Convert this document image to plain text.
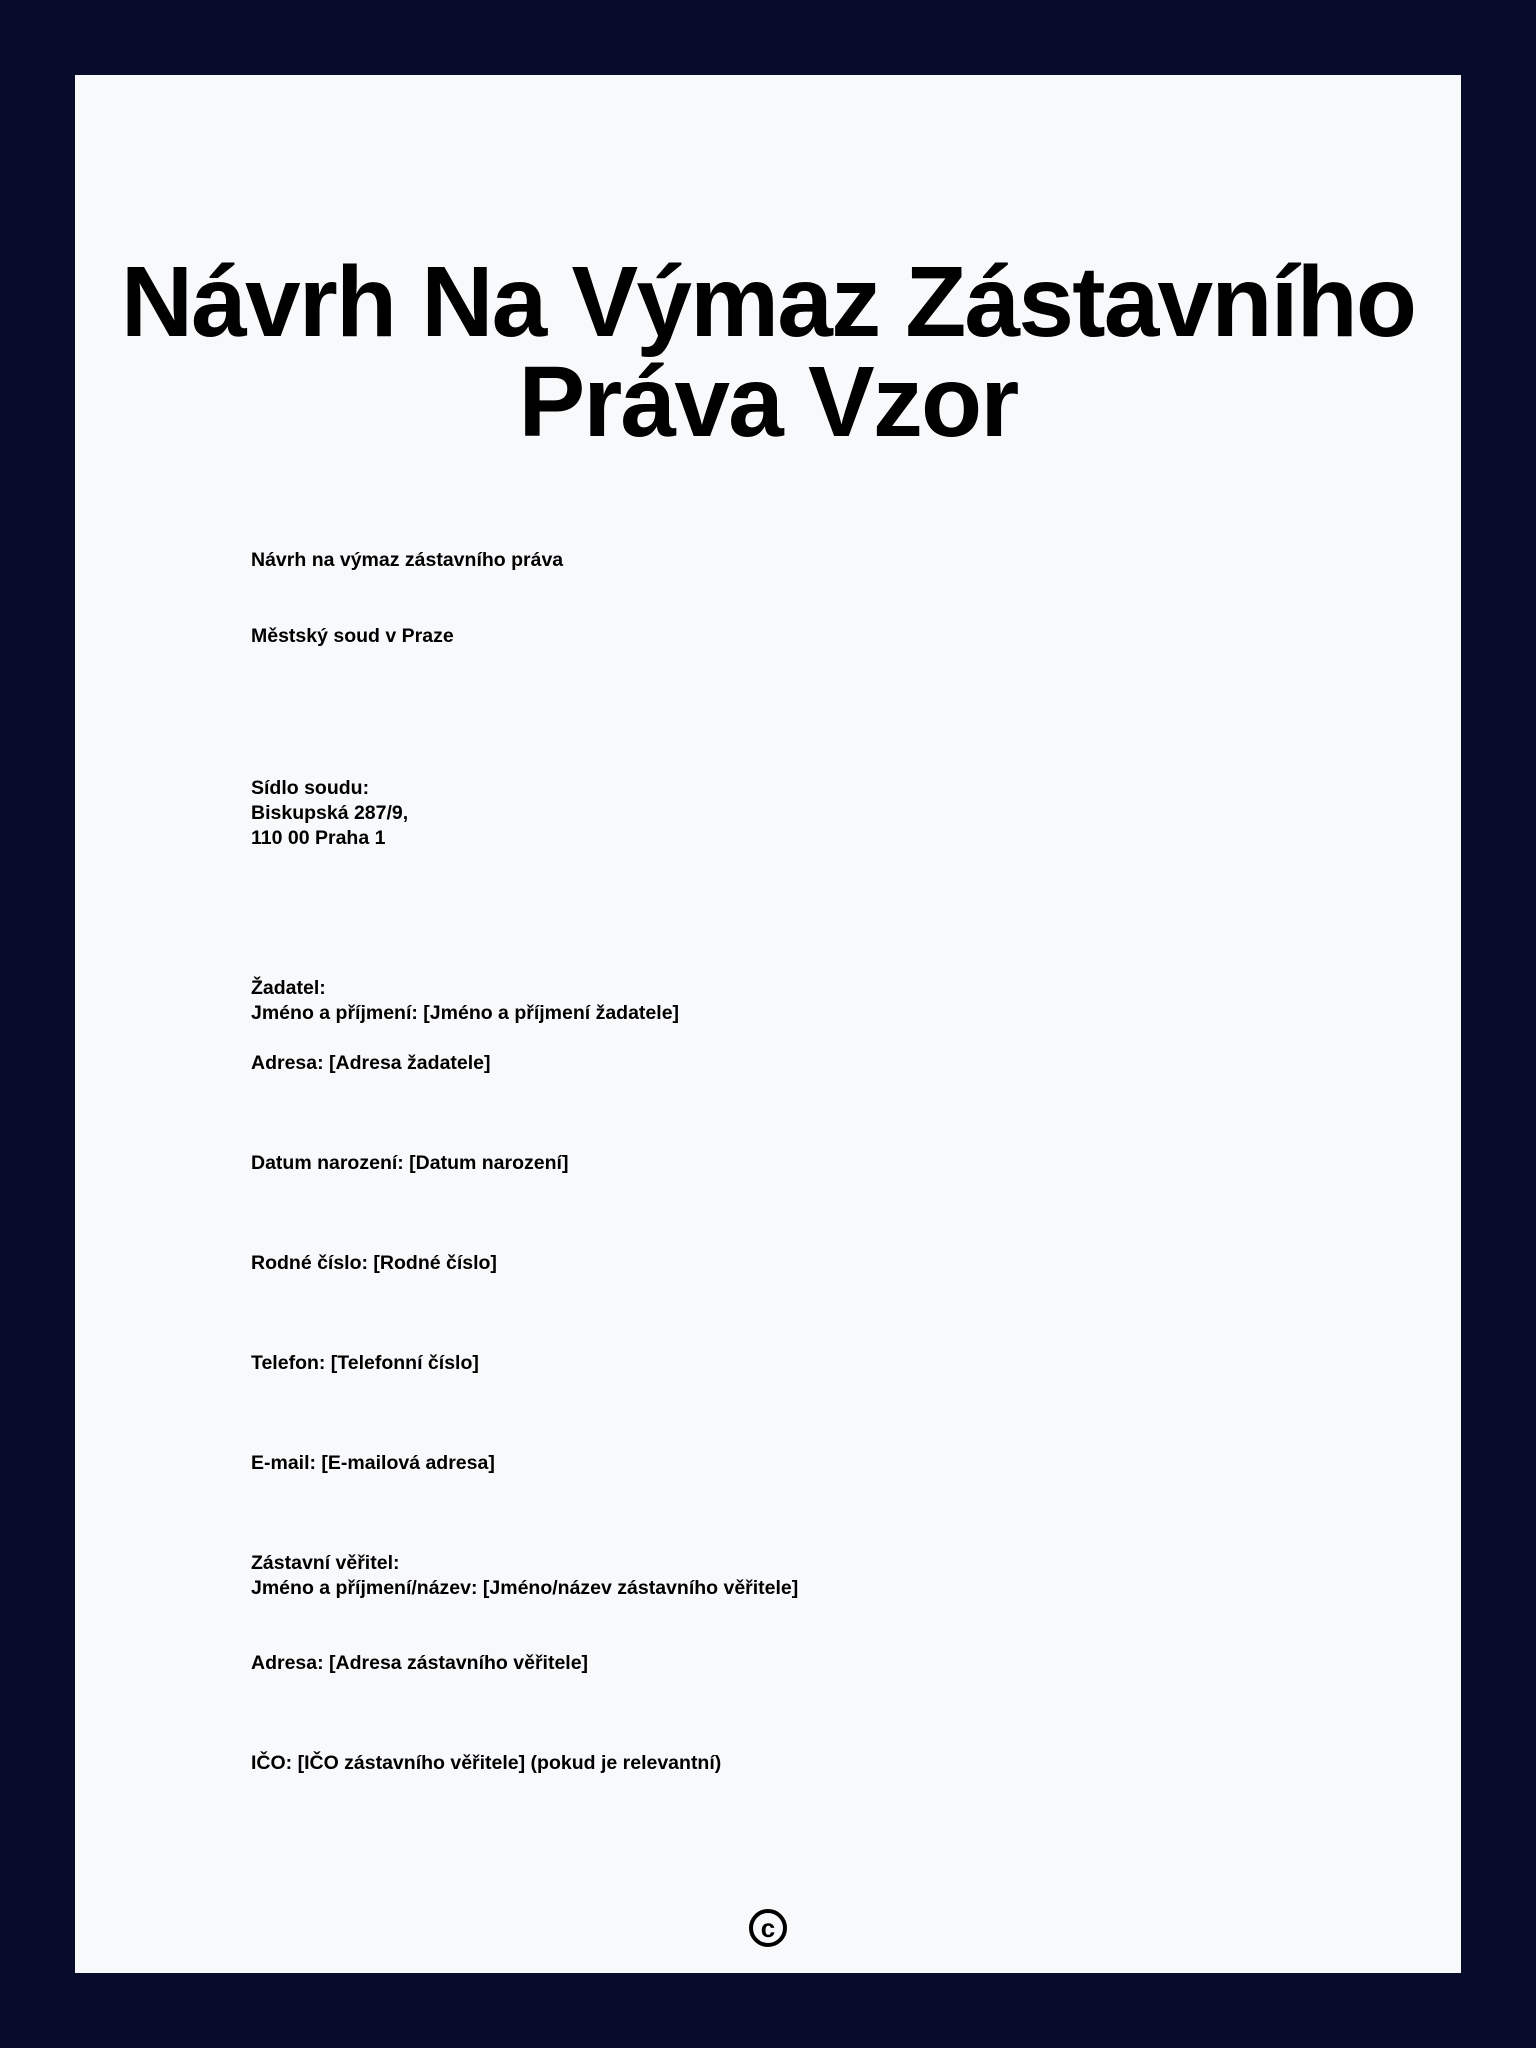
Návrh Na Výmaz Zástavního
Práva Vzor
Návrh na výmaz zástavního práva
Městský soud v Praze
Sídlo soudu:
Biskupská 287/9,
110 00 Praha 1
Žadatel:
Jméno a příjmení: [Jméno a příjmení žadatele]
Adresa: [Adresa žadatele]
Datum narození: [Datum narození]
Rodné číslo: [Rodné číslo]
Telefon: [Telefonní číslo]
E-mail: [E-mailová adresa]
Zástavní věřitel:
Jméno a příjmení/název: [Jméno/název zástavního věřitele]
Adresa: [Adresa zástavního věřitele]
IČO: [IČO zástavního věřitele] (pokud je relevantní)
c
